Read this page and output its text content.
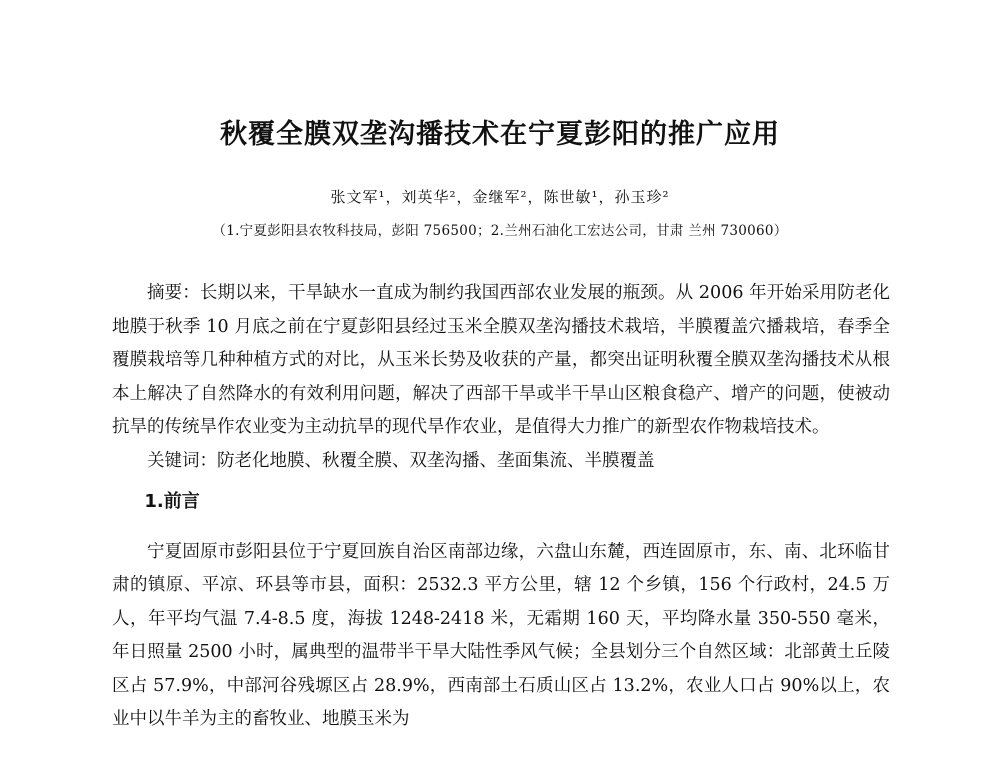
秋覆全膜双垄沟播技术在宁夏彭阳的推广应用
张文军¹，刘英华²，金继军²，陈世敏¹，孙玉珍²
（1.宁夏彭阳县农牧科技局，彭阳 756500；2.兰州石油化工宏达公司，甘肃 兰州 730060）

摘要：长期以来，干旱缺水一直成为制约我国西部农业发展的瓶颈。从 2006 年开始采用防老化地膜于秋季 10 月底之前在宁夏彭阳县经过玉米全膜双垄沟播技术栽培，半膜覆盖穴播栽培，春季全覆膜栽培等几种种植方式的对比，从玉米长势及收获的产量，都突出证明秋覆全膜双垄沟播技术从根本上解决了自然降水的有效利用问题，解决了西部干旱或半干旱山区粮食稳产、增产的问题，使被动抗旱的传统旱作农业变为主动抗旱的现代旱作农业，是值得大力推广的新型农作物栽培技术。

关键词：防老化地膜、秋覆全膜、双垄沟播、垄面集流、半膜覆盖

1.前言

宁夏固原市彭阳县位于宁夏回族自治区南部边缘，六盘山东麓，西连固原市，东、南、北环临甘肃的镇原、平凉、环县等市县，面积：2532.3 平方公里，辖 12 个乡镇，156 个行政村，24.5 万人，年平均气温 7.4-8.5 度，海拔 1248-2418 米，无霜期 160 天，平均降水量 350-550 毫米，年日照量 2500 小时，属典型的温带半干旱大陆性季风气候；全县划分三个自然区域：北部黄土丘陵区占 57.9%，中部河谷残塬区占 28.9%，西南部土石质山区占 13.2%，农业人口占 90%以上，农业中以牛羊为主的畜牧业、地膜玉米为
